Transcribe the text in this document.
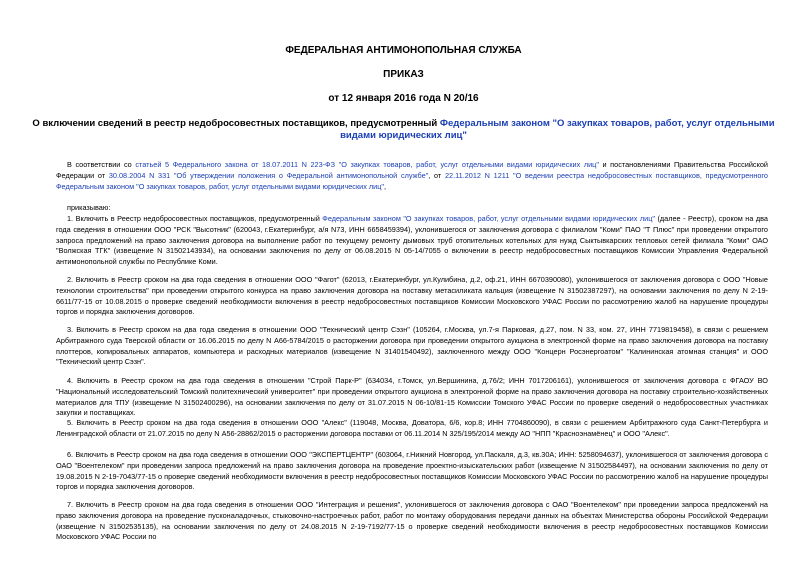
ФЕДЕРАЛЬНАЯ АНТИМОНОПОЛЬНАЯ СЛУЖБА
ПРИКАЗ
от 12 января 2016 года N 20/16
О включении сведений в реестр недобросовестных поставщиков, предусмотренный Федеральным законом "О закупках товаров, работ, услуг отдельными видами юридических лиц"

В соответствии со статьей 5 Федерального закона от 18.07.2011 N 223-ФЗ "О закупках товаров, работ, услуг отдельными видами юридических лиц" и постановлениями Правительства Российской Федерации от 30.08.2004 N 331 "Об утверждении положения о Федеральной антимонопольной службе", от 22.11.2012 N 1211 "О ведении реестра недобросовестных поставщиков, предусмотренного Федеральным законом "О закупках товаров, работ, услуг отдельными видами юридических лиц",

приказываю:

1. Включить в Реестр недобросовестных поставщиков, предусмотренный Федеральным законом "О закупках товаров, работ, услуг отдельными видами юридических лиц" (далее - Реестр), сроком на два года сведения в отношении ООО "РСК "Высотник" (620043, г.Екатеринбург, а/я N73, ИНН 6658459394), уклонившегося от заключения договора с филиалом "Коми" ПАО "Т Плюс" при проведении открытого запроса предложений на право заключения договора на выполнение работ по текущему ремонту дымовых труб отопительных котельных для нужд Сыктывкарских тепловых сетей филиала "Коми" ОАО "Волжская ТГК" (извещение N 31502143934), на основании заключения по делу от 06.08.2015 N 05-14/7055 о включении в реестр недобросовестных поставщиков Комиссии Управления Федеральной антимонопольной службы по Республике Коми.

2. Включить в Реестр сроком на два года сведения в отношении ООО "Фагот" (62013, г.Екатеринбург, ул.Кулибина, д.2, оф.21, ИНН 6670390080), уклонившегося от заключения договора с ООО "Новые технологии строительства" при проведении открытого конкурса на право заключения договора на поставку метасиликата кальция (извещение N 31502387297), на основании заключения по делу N 2-19-6611/77-15 от 10.08.2015 о проверке сведений необходимости включения в реестр недобросовестных поставщиков Комиссии Московского УФАС России по рассмотрению жалоб на нарушение процедуры торгов и порядка заключения договоров.

3. Включить в Реестр сроком на два года сведения в отношении ООО "Технический центр Сэзн" (105264, г.Москва, ул.7-я Парковая, д.27, пом. N 33, ком. 27, ИНН 7719819458), в связи с решением Арбитражного суда Тверской области от 16.06.2015 по делу N А66-5784/2015 о расторжении договора при проведении открытого аукциона в электронной форме на право заключения договора на поставку плоттеров, копировальных аппаратов, компьютера и расходных материалов (извещение N 31401540492), заключенного между ООО "Концерн Росэнергоатом" "Калининская атомная станция" и ООО "Технический центр Сэзн".

4. Включить в Реестр сроком на два года сведения в отношении "Строй Парк-Р" (634034, г.Томск, ул.Вершинина, д.76/2; ИНН 7017206161), уклонившегося от заключения договора с ФГАОУ ВО "Национальный исследовательский Томский политехнический университет" при проведении открытого аукциона в электронной форме на право заключения договора на поставку строительно-хозяйственных материалов для ТПУ (извещение N 31502400296), на основании заключения по делу от 31.07.2015 N 06-10/81-15 Комиссии Томского УФАС России по проверке сведений о недобросовестных участниках закупки и поставщиках.

5. Включить в Реестр сроком на два года сведения в отношении ООО "Алекс" (119048, Москва, Доватора, 6/6, кор.8; ИНН 7704860090), в связи с решением Арбитражного суда Санкт-Петербурга и Ленинградской области от 21.07.2015 по делу N А56-28862/2015 о расторжении договора поставки от 06.11.2014 N 325/195/2014 между АО "НПП "Красноэнамёнец" и ООО "Алекс".

6. Включить в Реестр сроком на два года сведения в отношении ООО "ЭКСПЕРТЦЕНТР" (603064, г.Нижний Новгород, ул.Паскаля, д.3, кв.30А; ИНН: 5258094637), уклонившегося от заключения договора с ОАО "Воентелеком" при проведении запроса предложений на право заключения договора на проведение проектно-изыскательских работ (извещение N 31502584497), на основании заключения по делу от 19.08.2015 N 2-19-7043/77-15 о проверке сведений необходимости включения в реестр недобросовестных поставщиков Комиссии Московского УФАС России по рассмотрению жалоб на нарушение процедуры торгов и порядка заключения договоров.

7. Включить в Реестр сроком на два года сведения в отношении ООО "Интеграция и решения", уклонившегося от заключения договора с ОАО "Воентелеком" при проведении запроса предложений на право заключения договора на проведение пусконаладочных, стыковочно-настроечных работ, работ по монтажу оборудования передачи данных на объектах Министерства обороны Российской Федерации (извещение N 31502535135), на основании заключения по делу от 24.08.2015 N 2-19-7192/77-15 о проверке сведений необходимости включения в реестр недобросовестных поставщиков Комиссии Московского УФАС России по
